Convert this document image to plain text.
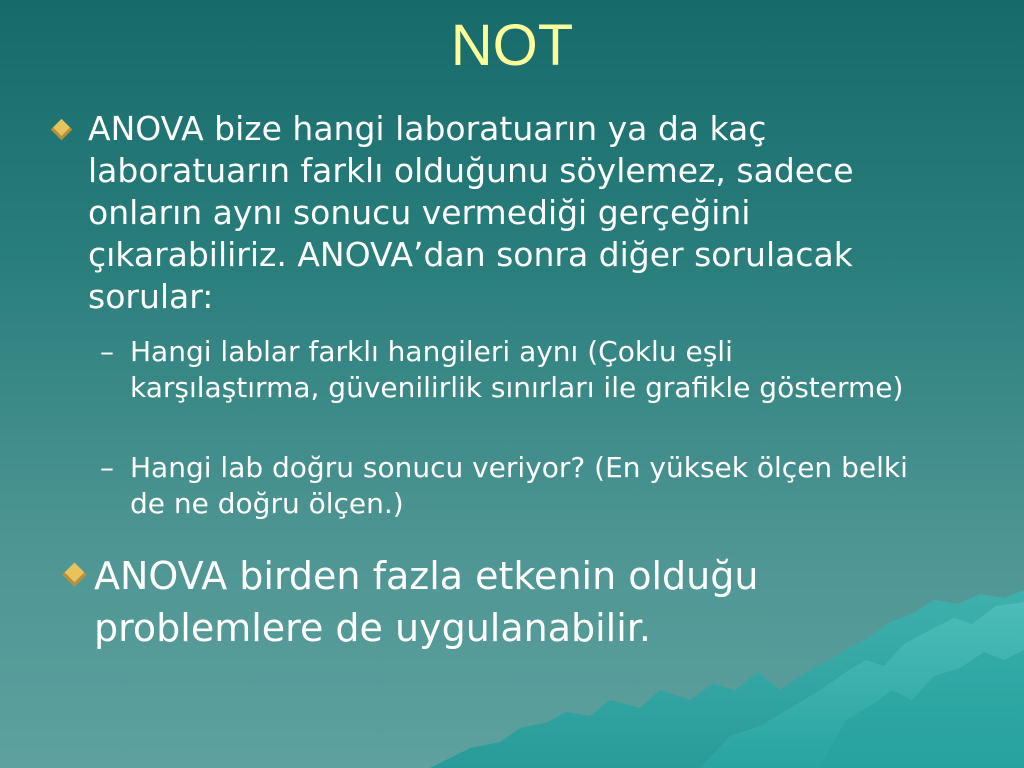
NOT
ANOVA bize hangi laboratuarın ya da kaç laboratuarın farklı olduğunu söylemez, sadece onların aynı sonucu vermediği gerçeğini çıkarabiliriz. ANOVA’dan sonra diğer sorulacak sorular:
– Hangi lablar farklı hangileri aynı (Çoklu eşli karşılaştırma, güvenilirlik sınırları ile grafikle gösterme)
– Hangi lab doğru sonucu veriyor? (En yüksek ölçen belki de ne doğru ölçen.)
ANOVA birden fazla etkenin olduğu problemlere de uygulanabilir.
